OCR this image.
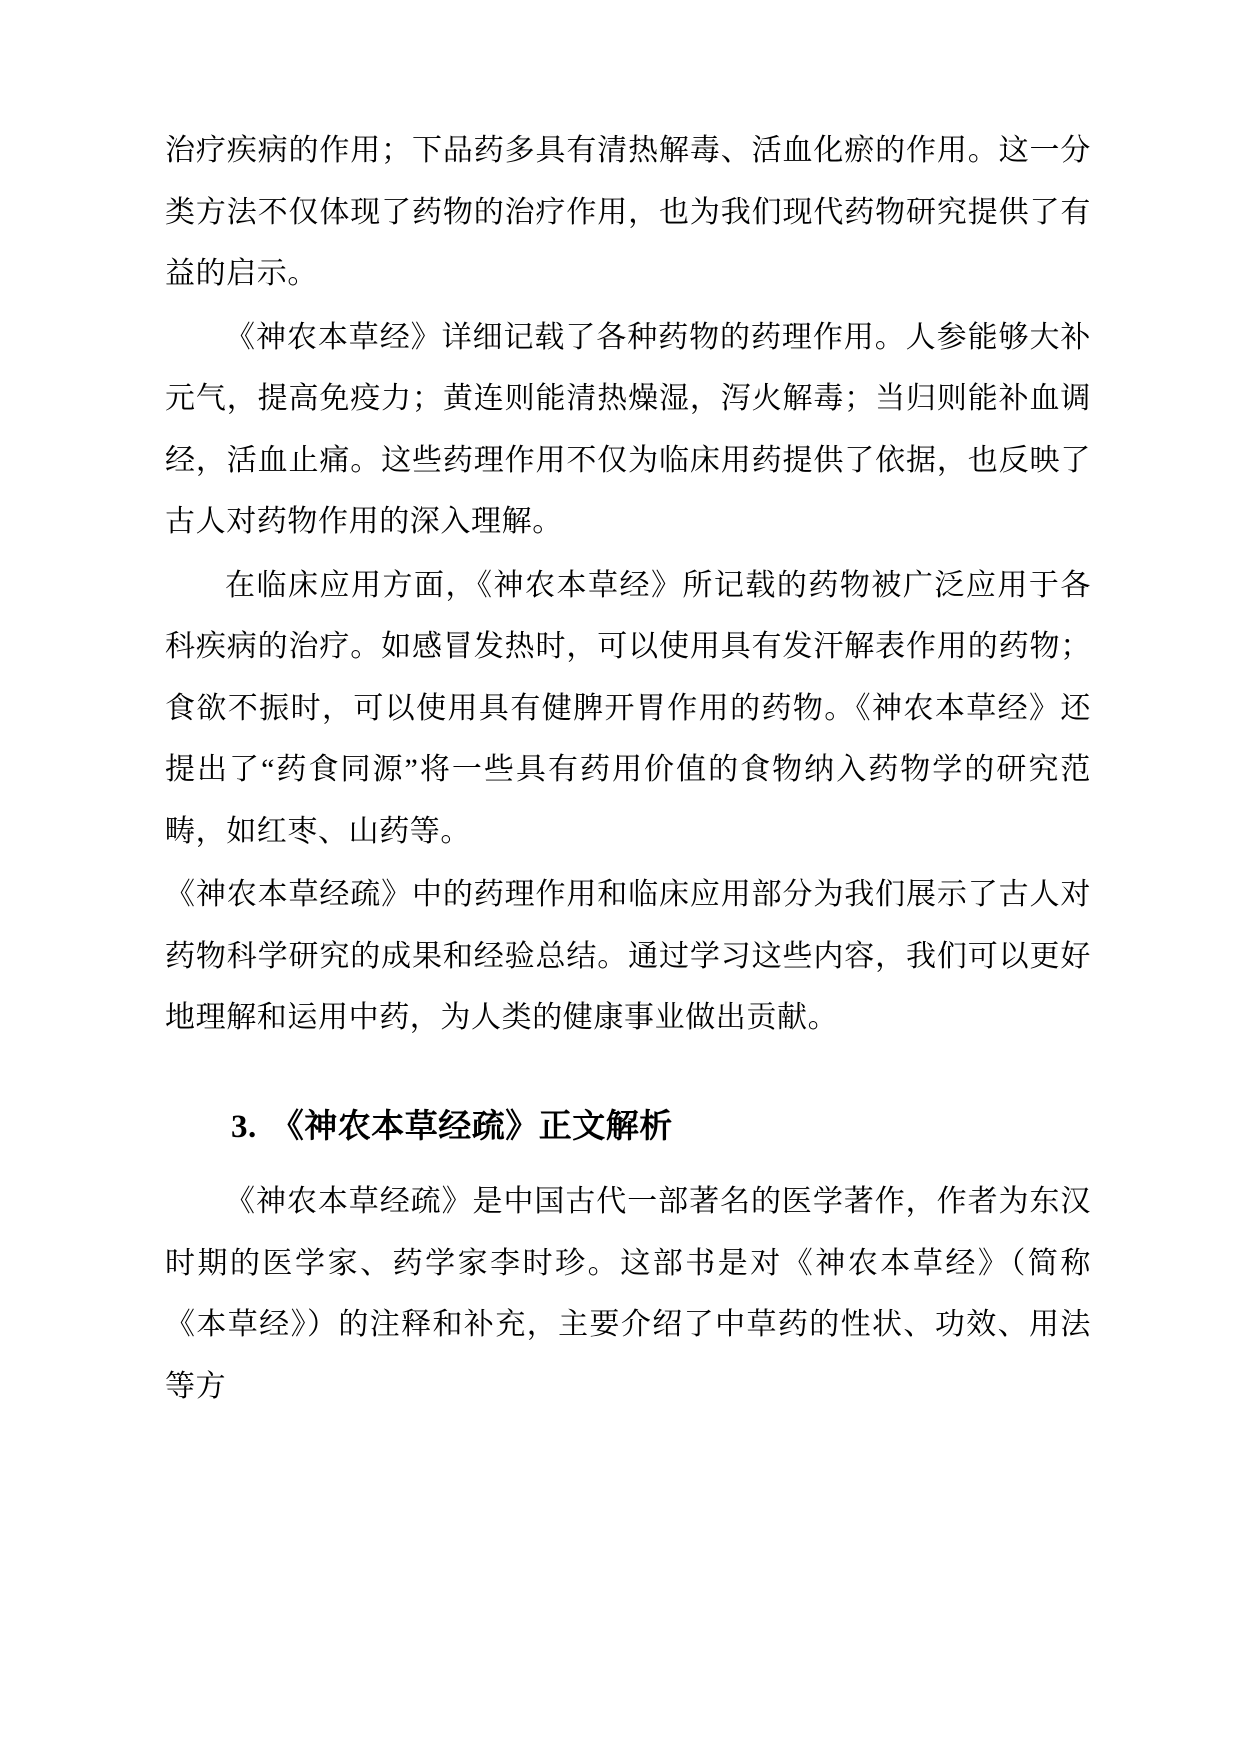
治疗疾病的作用；下品药多具有清热解毒、活血化瘀的作用。这一分类方法不仅体现了药物的治疗作用，也为我们现代药物研究提供了有益的启示。

《神农本草经》详细记载了各种药物的药理作用。人参能够大补元气，提高免疫力；黄连则能清热燥湿，泻火解毒；当归则能补血调经，活血止痛。这些药理作用不仅为临床用药提供了依据，也反映了古人对药物作用的深入理解。

在临床应用方面，《神农本草经》所记载的药物被广泛应用于各科疾病的治疗。如感冒发热时，可以使用具有发汗解表作用的药物；食欲不振时，可以使用具有健脾开胃作用的药物。《神农本草经》还提出了“药食同源”将一些具有药用价值的食物纳入药物学的研究范畴，如红枣、山药等。

《神农本草经疏》中的药理作用和临床应用部分为我们展示了古人对药物科学研究的成果和经验总结。通过学习这些内容，我们可以更好地理解和运用中药，为人类的健康事业做出贡献。

3. 《神农本草经疏》正文解析

《神农本草经疏》是中国古代一部著名的医学著作，作者为东汉时期的医学家、药学家李时珍。这部书是对《神农本草经》（简称《本草经》）的注释和补充，主要介绍了中草药的性状、功效、用法等方
